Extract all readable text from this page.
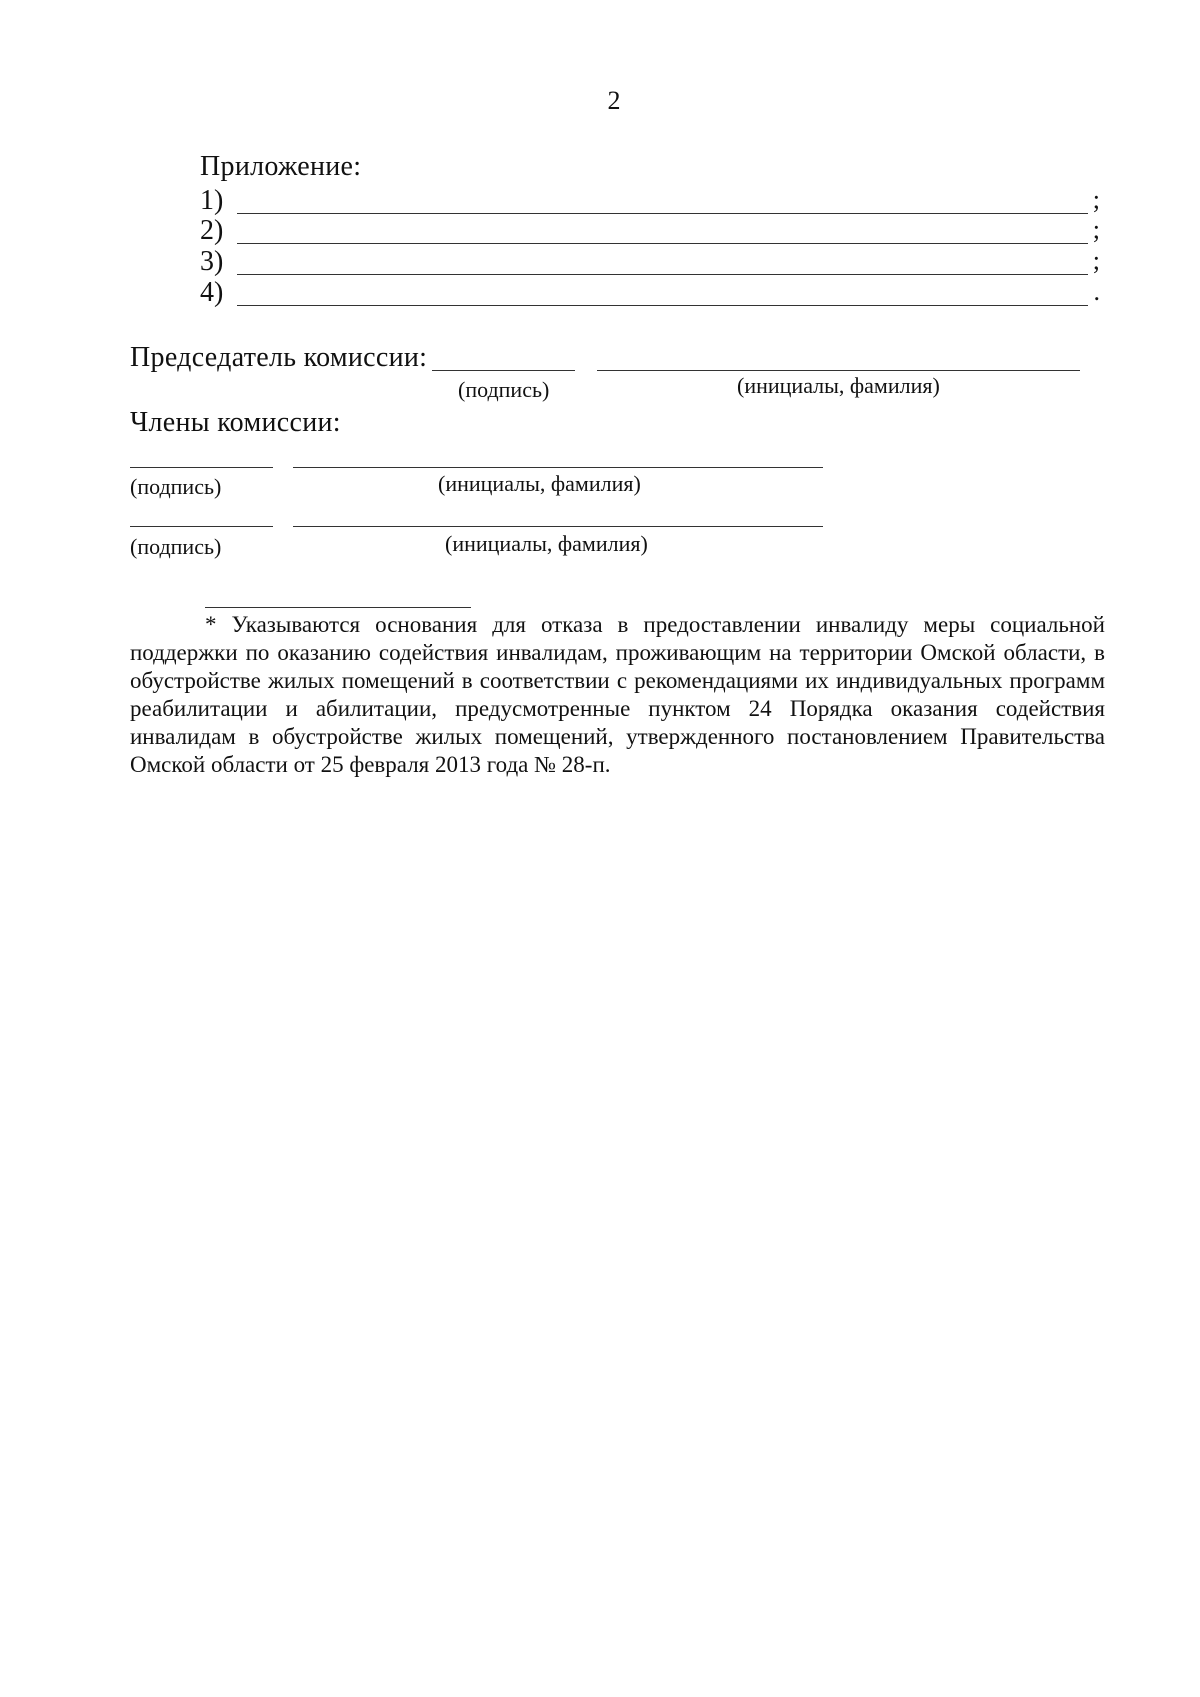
2
Приложение:
1)	;
2)	;
3)	;
4)	.
Председатель комиссии:
(подпись)	(инициалы, фамилия)
Члены комиссии:
(подпись)	(инициалы, фамилия)
(подпись)	(инициалы, фамилия)

* Указываются основания для отказа в предоставлении инвалиду меры социальной поддержки по оказанию содействия инвалидам, проживающим на территории Омской области, в обустройстве жилых помещений в соответствии с рекомендациями их индивидуальных программ реабилитации и абилитации, предусмотренные пунктом 24 Порядка оказания содействия инвалидам в обустройстве жилых помещений, утвержденного постановлением Правительства Омской области от 25 февраля 2013 года № 28-п.
